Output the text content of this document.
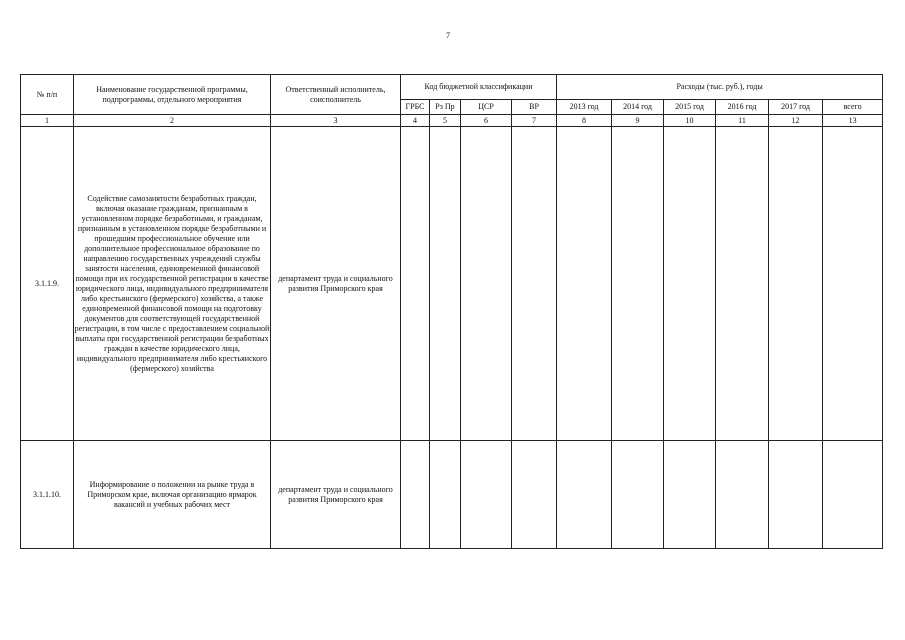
7
№ п/п	Наименование государственной программы, подпрограммы, отдельного мероприятия	Ответственный исполнитель, соисполнитель	Код бюджетной классификации				Расходы (тыс. руб.), годы					
			ГРБС	Рз Пр	ЦСР	ВР	2013 год	2014 год	2015 год	2016 год	2017 год	всего
1	2	3	4	5	6	7	8	9	10	11	12	13
3.1.1.9.	Содействие самозанятости безработных граждан, включая оказание гражданам, признанным в установленном порядке безработными, и гражданам, признанным в установленном порядке безработными и прошедшим профессиональное обучение или дополнительное профессиональное образование по направлению государственных учреждений службы занятости населения, единовременной финансовой помощи при их государственной регистрации в качестве юридического лица, индивидуального предпринимателя либо крестьянского (фермерского) хозяйства, а также единовременной финансовой помощи на подготовку документов для соответствующей государственной регистрации, в том числе с предоставлением социальной выплаты при государственной регистрации безработных граждан в качестве юридического лица, индивидуального предпринимателя либо крестьянского (фермерского) хозяйства	департамент труда и социального развития Приморского края										
3.1.1.10.	Информирование о положении на рынке труда в Приморском крае, включая организацию ярмарок вакансий и учебных рабочих мест	департамент труда и социального развития Приморского края										
